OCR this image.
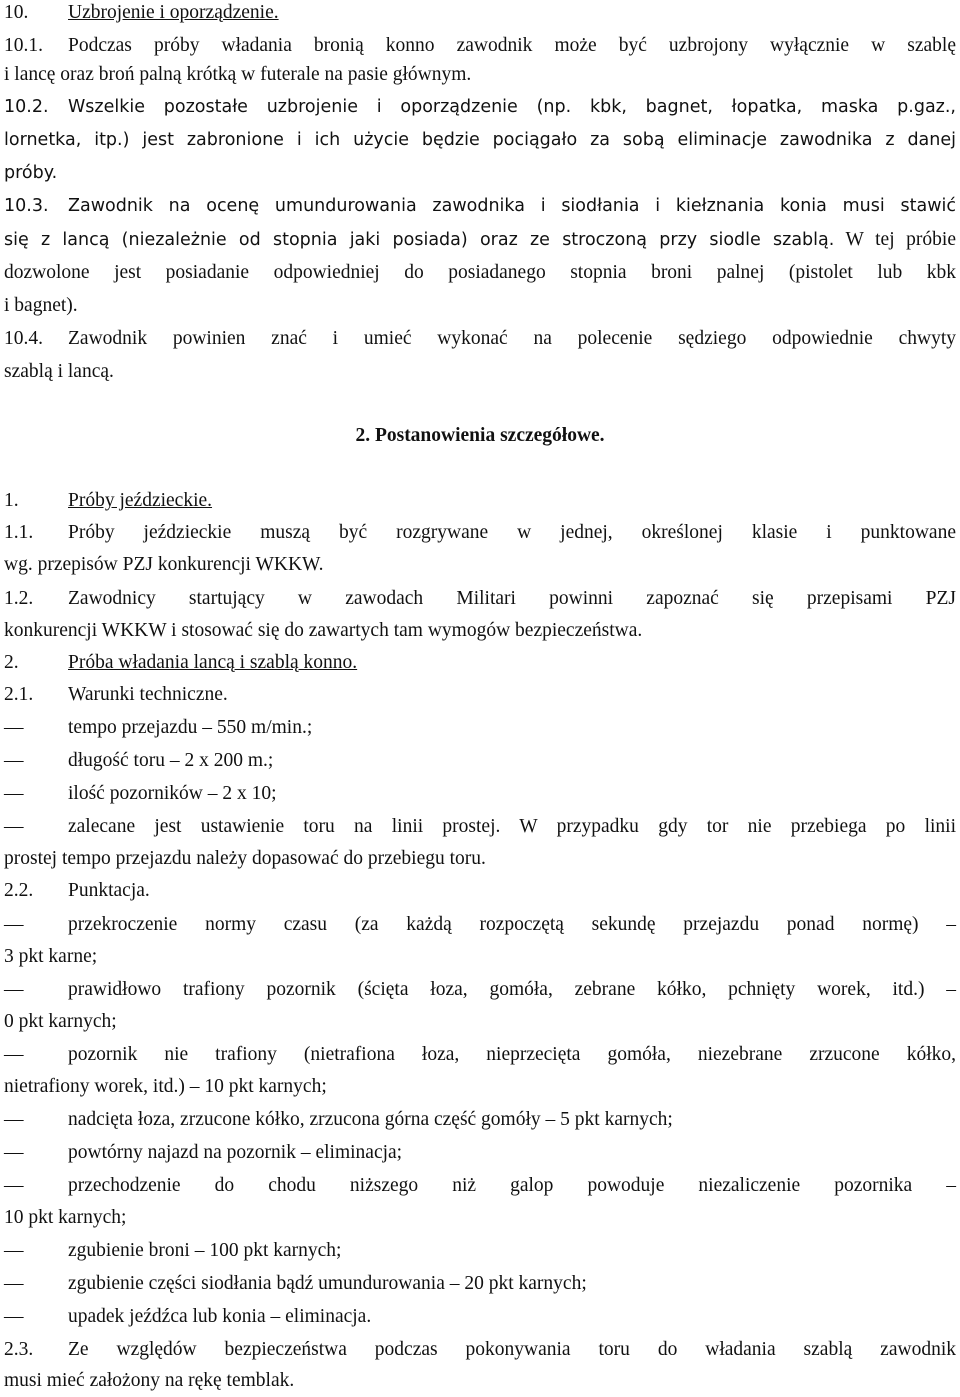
10. Uzbrojenie i oporządzenie.
10.1. Podczas próby władania bronią konno zawodnik może być uzbrojony wyłącznie w szablę
i lancę oraz broń palną krótką w futerale na pasie głównym.
10.2. Wszelkie pozostałe uzbrojenie i oporządzenie (np. kbk, bagnet, łopatka, maska p.gaz.,
lornetka, itp.) jest zabronione i ich użycie będzie pociągało za sobą eliminacje zawodnika z danej
próby.
10.3. Zawodnik na ocenę umundurowania zawodnika i siodłania i kiełznania konia musi stawić
się z lancą (niezależnie od stopnia jaki posiada) oraz ze stroczoną przy siodle szablą. W tej próbie
dozwolone jest posiadanie odpowiedniej do posiadanego stopnia broni palnej (pistolet lub kbk
i bagnet).
10.4. Zawodnik powinien znać i umieć wykonać na polecenie sędziego odpowiednie chwyty
szablą i lancą.
2. Postanowienia szczegółowe.
1.	Próby jeździeckie.
1.1. Próby jeździeckie muszą być rozgrywane w jednej, określonej klasie i punktowane
wg. przepisów PZJ konkurencji WKKW.
1.2. Zawodnicy startujący w zawodach Militari powinni zapoznać się przepisami PZJ
konkurencji WKKW i stosować się do zawartych tam wymogów bezpieczeństwa.
2.	Próba władania lancą i szablą konno.
2.1. Warunki techniczne.
— tempo przejazdu – 550 m/min.;
— długość toru – 2 x 200 m.;
— ilość pozorników – 2 x 10;
— zalecane jest ustawienie toru na linii prostej. W przypadku gdy tor nie przebiega po linii
prostej tempo przejazdu należy dopasować do przebiegu toru.
2.2. Punktacja.
— przekroczenie normy czasu (za każdą rozpoczętą sekundę przejazdu ponad normę) –
3 pkt karne;
— prawidłowo trafiony pozornik (ścięta łoza, gomóła, zebrane kółko, pchnięty worek, itd.) –
0 pkt karnych;
— pozornik nie trafiony (nietrafiona łoza, nieprzecięta gomóła, niezebrane zrzucone kółko,
nietrafiony worek, itd.) – 10 pkt karnych;
— nadcięta łoza, zrzucone kółko, zrzucona górna część gomóły – 5 pkt karnych;
— powtórny najazd na pozornik – eliminacja;
— przechodzenie do chodu niższego niż galop powoduje niezaliczenie pozornika –
10 pkt karnych;
— zgubienie broni – 100 pkt karnych;
— zgubienie części siodłania bądź umundurowania – 20 pkt karnych;
— upadek jeźdźca lub konia – eliminacja.
2.3. Ze względów bezpieczeństwa podczas pokonywania toru do władania szablą zawodnik
musi mieć założony na rękę temblak.
